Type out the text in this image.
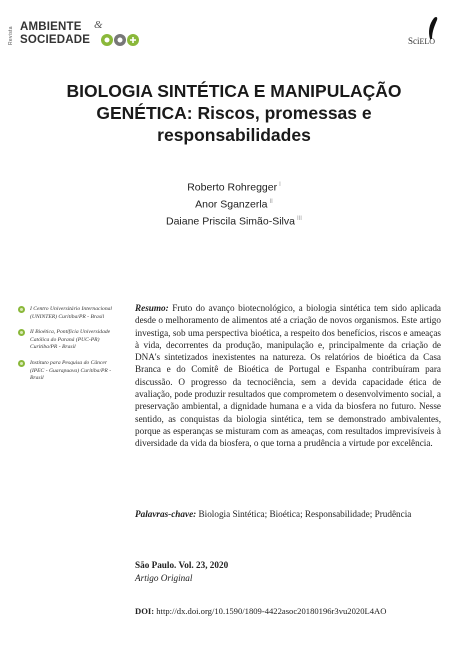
Revista AMBIENTE &
SOCIEDADE	SciELO
BIOLOGIA SINTÉTICA E MANIPULAÇÃO GENÉTICA: Riscos, promessas e responsabilidades
Roberto Rohregger $^I$
Anor Sganzerla $^{II}$
Daiane Priscila Simão-Silva $^{III}$
I Centro Universitário Internacional (UNINTER) Curitiba/PR - Brasil
II Bioética, Pontifícia Universidade Católica do Paraná (PUC-PR) Curitiba/PR - Brasil
Instituto para Pesquisa do Câncer (IPEC - Guarapuava) Curitiba/PR - Brasil

Resumo: Fruto do avanço biotecnológico, a biologia sintética tem sido aplicada desde o melhoramento de alimentos até a criação de novos organismos. Este artigo investiga, sob uma perspectiva bioética, a respeito dos benefícios, riscos e ameaças à vida, decorrentes da produção, manipulação e, principalmente da criação de DNA's sintetizados inexistentes na natureza. Os relatórios de bioética da Casa Branca e do Comitê de Bioética de Portugal e Espanha contribuíram para discussão. O progresso da tecnociência, sem a devida capacidade ética de avaliação, pode produzir resultados que comprometem o desenvolvimento social, a preservação ambiental, a dignidade humana e a vida da biosfera no futuro. Nesse sentido, as conquistas da biologia sintética, tem se demonstrado ambivalentes, porque as esperanças se misturam com as ameaças, com resultados imprevisíveis à diversidade da vida da biosfera, o que torna a prudência a virtude por excelência.

Palavras-chave: Biologia Sintética; Bioética; Responsabilidade; Prudência

São Paulo. Vol. 23, 2020
Artigo Original
DOI: http://dx.doi.org/10.1590/1809-4422asoc20180196r3vu2020L4AO
